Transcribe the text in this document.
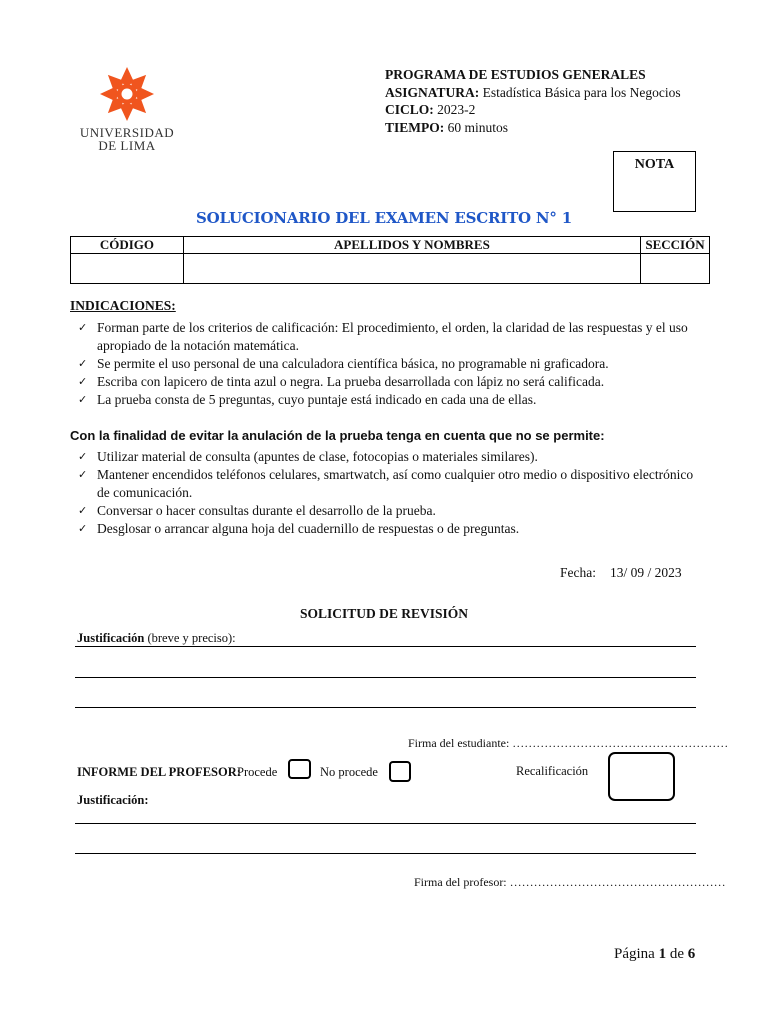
UNIVERSIDAD
DE LIMA
PROGRAMA DE ESTUDIOS GENERALES
ASIGNATURA: Estadística Básica para los Negocios
CICLO: 2023-2
TIEMPO: 60 minutos
NOTA
SOLUCIONARIO DEL EXAMEN ESCRITO N° 1
CÓDIGO	APELLIDOS Y NOMBRES	SECCIÓN

INDICACIONES:
✓ Forman parte de los criterios de calificación: El procedimiento, el orden, la claridad de las respuestas y el uso apropiado de la notación matemática.
✓ Se permite el uso personal de una calculadora científica básica, no programable ni graficadora.
✓ Escriba con lapicero de tinta azul o negra. La prueba desarrollada con lápiz no será calificada.
✓ La prueba consta de 5 preguntas, cuyo puntaje está indicado en cada una de ellas.
Con la finalidad de evitar la anulación de la prueba tenga en cuenta que no se permite:
✓ Utilizar material de consulta (apuntes de clase, fotocopias o materiales similares).
✓ Mantener encendidos teléfonos celulares, smartwatch, así como cualquier otro medio o dispositivo electrónico de comunicación.
✓ Conversar o hacer consultas durante el desarrollo de la prueba.
✓ Desglosar o arrancar alguna hoja del cuadernillo de respuestas o de preguntas.
Fecha: 13/ 09 / 2023
SOLICITUD DE REVISIÓN
Justificación (breve y preciso):
Firma del estudiante: ………………………………………………
INFORME DEL PROFESOR:
Procede	No procede	Recalificación
Justificación:
Firma del profesor: ………………………………………………
Página 1 de 6
